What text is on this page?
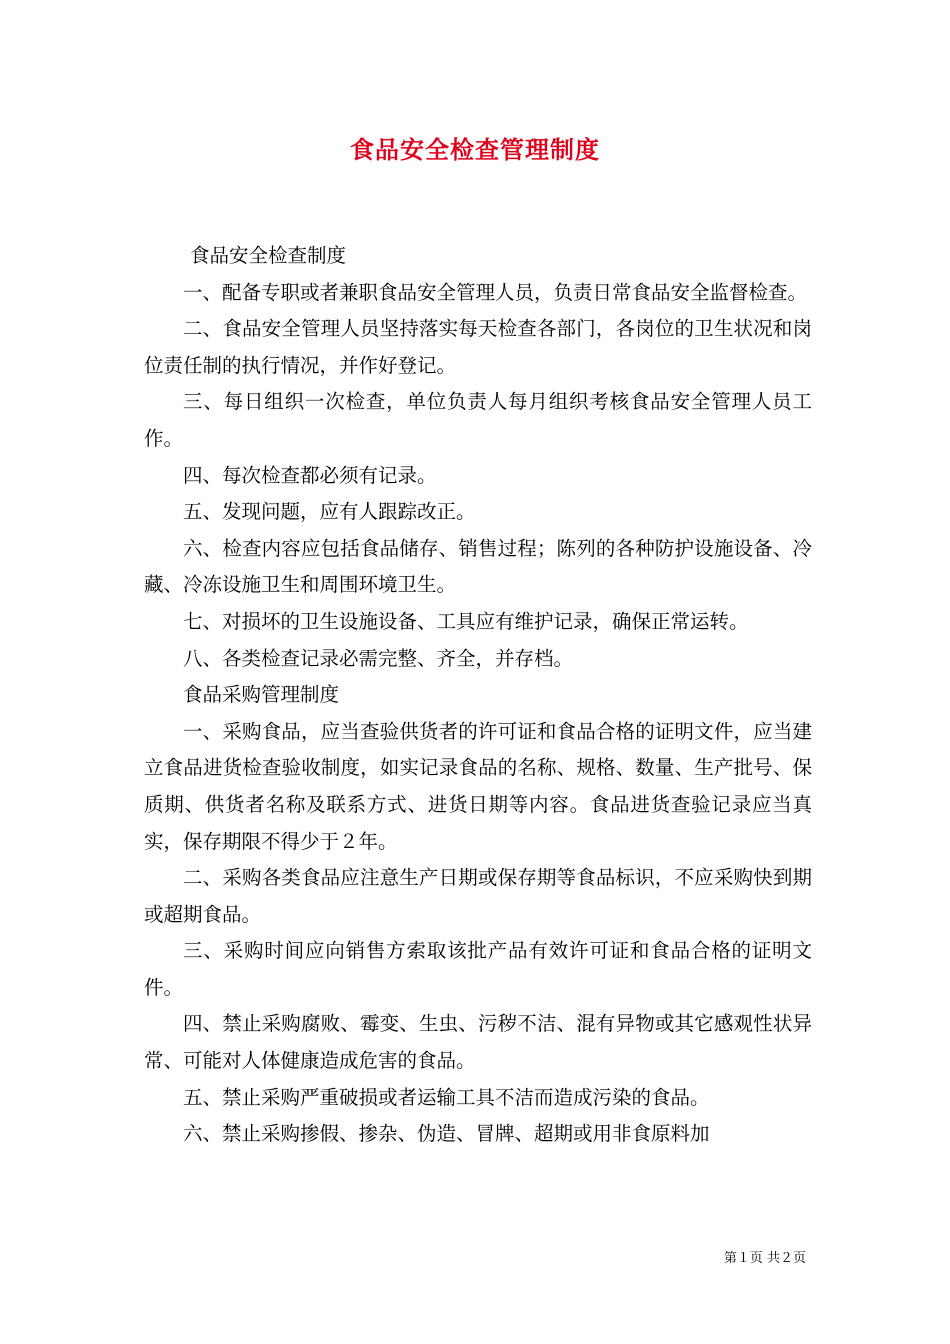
食品安全检查管理制度

食品安全检查制度

一、配备专职或者兼职食品安全管理人员，负责日常食品安全监督检查。

二、食品安全管理人员坚持落实每天检查各部门，各岗位的卫生状况和岗位责任制的执行情况，并作好登记。

三、每日组织一次检查，单位负责人每月组织考核食品安全管理人员工作。

四、每次检查都必须有记录。

五、发现问题，应有人跟踪改正。

六、检查内容应包括食品储存、销售过程；陈列的各种防护设施设备、冷藏、冷冻设施卫生和周围环境卫生。

七、对损坏的卫生设施设备、工具应有维护记录，确保正常运转。

八、各类检查记录必需完整、齐全，并存档。

食品采购管理制度

一、采购食品，应当查验供货者的许可证和食品合格的证明文件，应当建立食品进货检查验收制度，如实记录食品的名称、规格、数量、生产批号、保质期、供货者名称及联系方式、进货日期等内容。食品进货查验记录应当真实，保存期限不得少于２年。

二、采购各类食品应注意生产日期或保存期等食品标识，不应采购快到期或超期食品。

三、采购时间应向销售方索取该批产品有效许可证和食品合格的证明文件。

四、禁止采购腐败、霉变、生虫、污秽不洁、混有异物或其它感观性状异常、可能对人体健康造成危害的食品。

五、禁止采购严重破损或者运输工具不洁而造成污染的食品。

六、禁止采购掺假、掺杂、伪造、冒牌、超期或用非食原料加

第１页 共２页
